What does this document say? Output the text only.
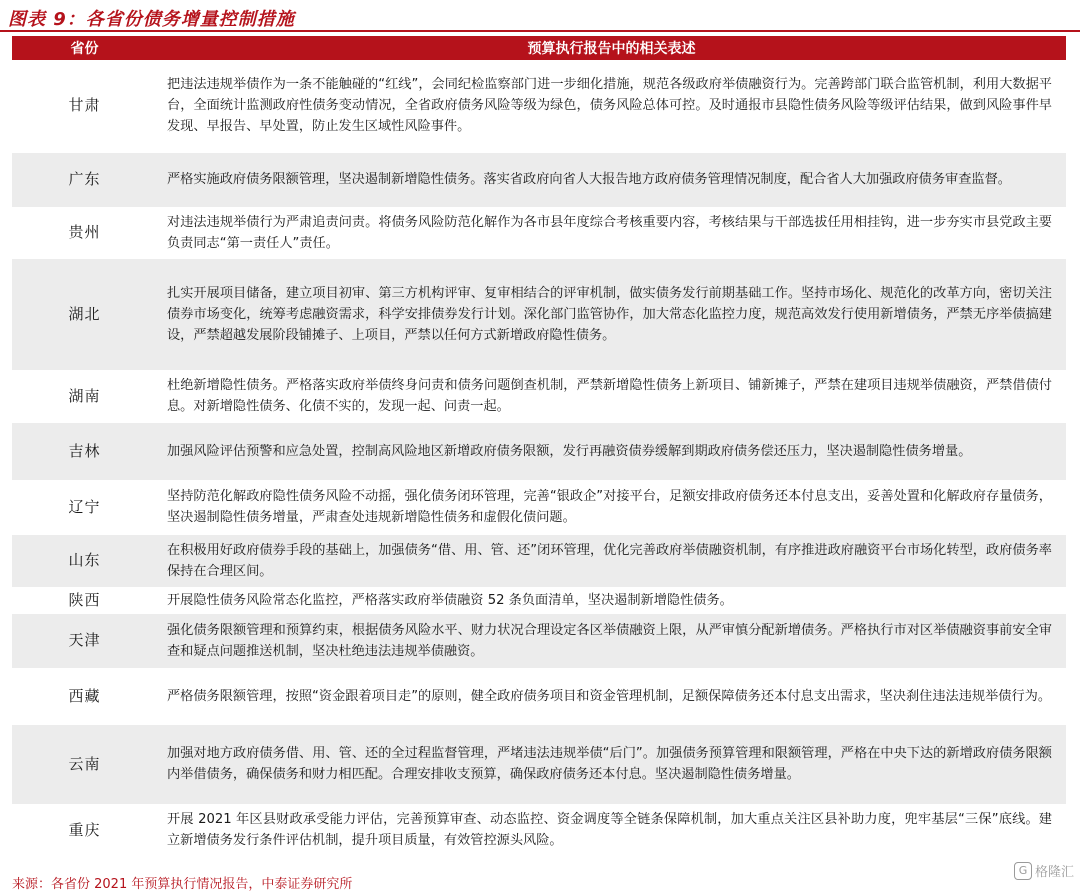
图表 9：各省份债务增量控制措施
省份	预算执行报告中的相关表述
甘肃	把违法违规举债作为一条不能触碰的“红线”，会同纪检监察部门进一步细化措施，规范各级政府举债融资行为。完善跨部门联合监管机制，利用大数据平台，全面统计监测政府性债务变动情况，全省政府债务风险等级为绿色，债务风险总体可控。及时通报市县隐性债务风险等级评估结果，做到风险事件早发现、早报告、早处置，防止发生区域性风险事件。
广东	严格实施政府债务限额管理，坚决遏制新增隐性债务。落实省政府向省人大报告地方政府债务管理情况制度，配合省人大加强政府债务审查监督。
贵州	对违法违规举债行为严肃追责问责。将债务风险防范化解作为各市县年度综合考核重要内容，考核结果与干部选拔任用相挂钩，进一步夯实市县党政主要负责同志“第一责任人”责任。
湖北	扎实开展项目储备，建立项目初审、第三方机构评审、复审相结合的评审机制，做实债务发行前期基础工作。坚持市场化、规范化的改革方向，密切关注债券市场变化，统筹考虑融资需求，科学安排债券发行计划。深化部门监管协作，加大常态化监控力度，规范高效发行使用新增债务，严禁无序举债搞建设，严禁超越发展阶段铺摊子、上项目，严禁以任何方式新增政府隐性债务。
湖南	杜绝新增隐性债务。严格落实政府举债终身问责和债务问题倒查机制，严禁新增隐性债务上新项目、铺新摊子，严禁在建项目违规举债融资，严禁借债付息。对新增隐性债务、化债不实的，发现一起、问责一起。
吉林	加强风险评估预警和应急处置，控制高风险地区新增政府债务限额，发行再融资债券缓解到期政府债务偿还压力，坚决遏制隐性债务增量。
辽宁	坚持防范化解政府隐性债务风险不动摇，强化债务闭环管理，完善“银政企”对接平台，足额安排政府债务还本付息支出，妥善处置和化解政府存量债务，坚决遏制隐性债务增量，严肃查处违规新增隐性债务和虚假化债问题。
山东	在积极用好政府债券手段的基础上，加强债务“借、用、管、还”闭环管理，优化完善政府举债融资机制，有序推进政府融资平台市场化转型，政府债务率保持在合理区间。
陕西	开展隐性债务风险常态化监控，严格落实政府举债融资 52 条负面清单，坚决遏制新增隐性债务。
天津	强化债务限额管理和预算约束，根据债务风险水平、财力状况合理设定各区举债融资上限，从严审慎分配新增债务。严格执行市对区举债融资事前安全审查和疑点问题推送机制，坚决杜绝违法违规举债融资。
西藏	严格债务限额管理，按照“资金跟着项目走”的原则，健全政府债务项目和资金管理机制，足额保障债务还本付息支出需求，坚决刹住违法违规举债行为。
云南	加强对地方政府债务借、用、管、还的全过程监督管理，严堵违法违规举债“后门”。加强债务预算管理和限额管理，严格在中央下达的新增政府债务限额内举借债务，确保债务和财力相匹配。合理安排收支预算，确保政府债务还本付息。坚决遏制隐性债务增量。
重庆	开展 2021 年区县财政承受能力评估，完善预算审查、动态监控、资金调度等全链条保障机制，加大重点关注区县补助力度，兜牢基层“三保”底线。建立新增债务发行条件评估机制，提升项目质量，有效管控源头风险。
来源：各省份 2021 年预算执行情况报告，中泰证券研究所
G 格隆汇
